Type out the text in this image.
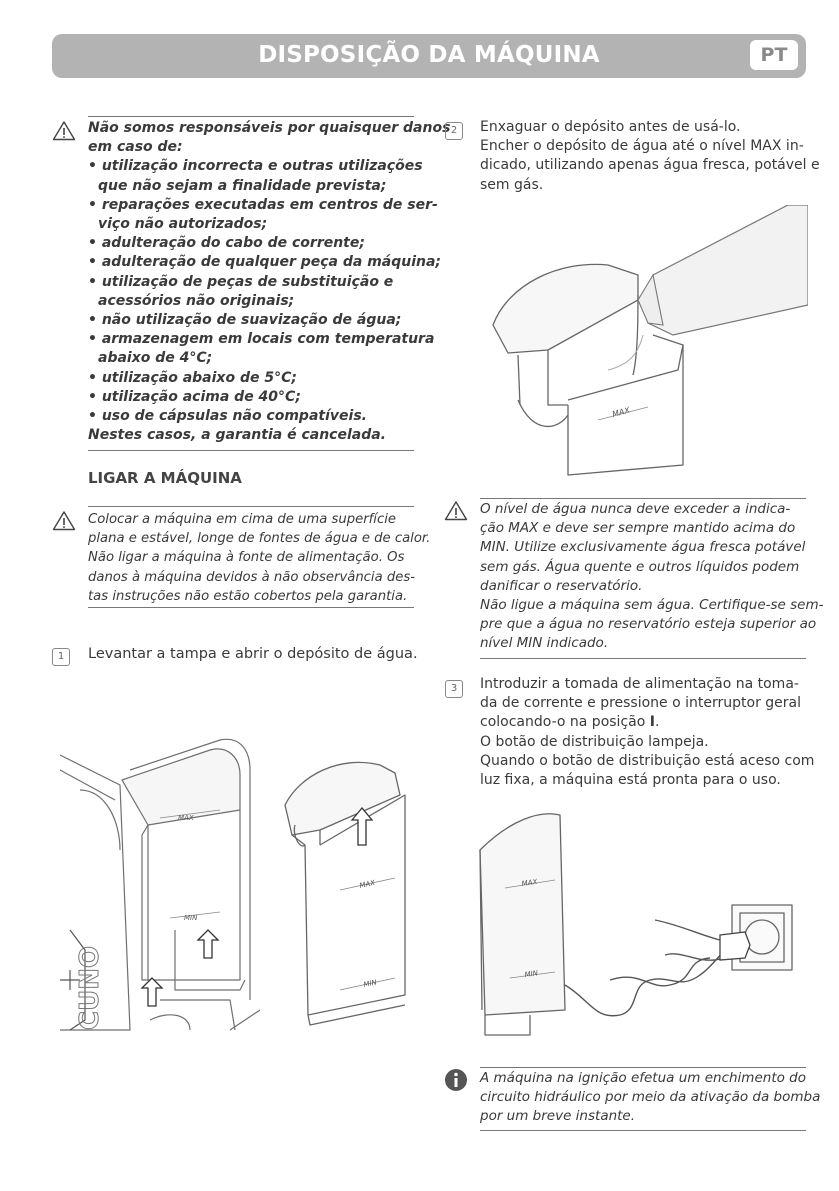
DISPOSIÇÃO DA MÁQUINA	PT
Não somos responsáveis por quaisquer danos
em caso de:
• utilização incorrecta e outras utilizações
que não sejam a finalidade prevista;
• reparações executadas em centros de ser-
viço não autorizados;
• adulteração do cabo de corrente;
• adulteração de qualquer peça da máquina;
• utilização de peças de substituição e
acessórios não originais;
• não utilização de suavização de água;
• armazenagem em locais com temperatura
abaixo de 4°C;
• utilização abaixo de 5°C;
• utilização acima de 40°C;
• uso de cápsulas não compatíveis.
Nestes casos, a garantia é cancelada.
LIGAR A MÁQUINA
Colocar a máquina em cima de uma superfície
plana e estável, longe de fontes de água e de calor.
Não ligar a máquina à fonte de alimentação. Os
danos à máquina devidos à não observância des-
tas instruções não estão cobertos pela garantia.
1	Levantar a tampa e abrir o depósito de água.
CUNO
MAX
MIN
MAX
MIN
2	Enxaguar o depósito antes de usá-lo.
Encher o depósito de água até o nível MAX in-
dicado, utilizando apenas água fresca, potável e
sem gás.
MAX
O nível de água nunca deve exceder a indica-
ção MAX e deve ser sempre mantido acima do
MIN. Utilize exclusivamente água fresca potável
sem gás. Água quente e outros líquidos podem
danificar o reservatório.
Não ligue a máquina sem água. Certifique-se sem-
pre que a água no reservatório esteja superior ao
nível MIN indicado.
3	Introduzir a tomada de alimentação na toma-
da de corrente e pressione o interruptor geral
colocando-o na posição I.
O botão de distribuição lampeja.
Quando o botão de distribuição está aceso com
luz fixa, a máquina está pronta para o uso.
MAX
MIN
A máquina na ignição efetua um enchimento do
circuito hidráulico por meio da ativação da bomba
por um breve instante.
